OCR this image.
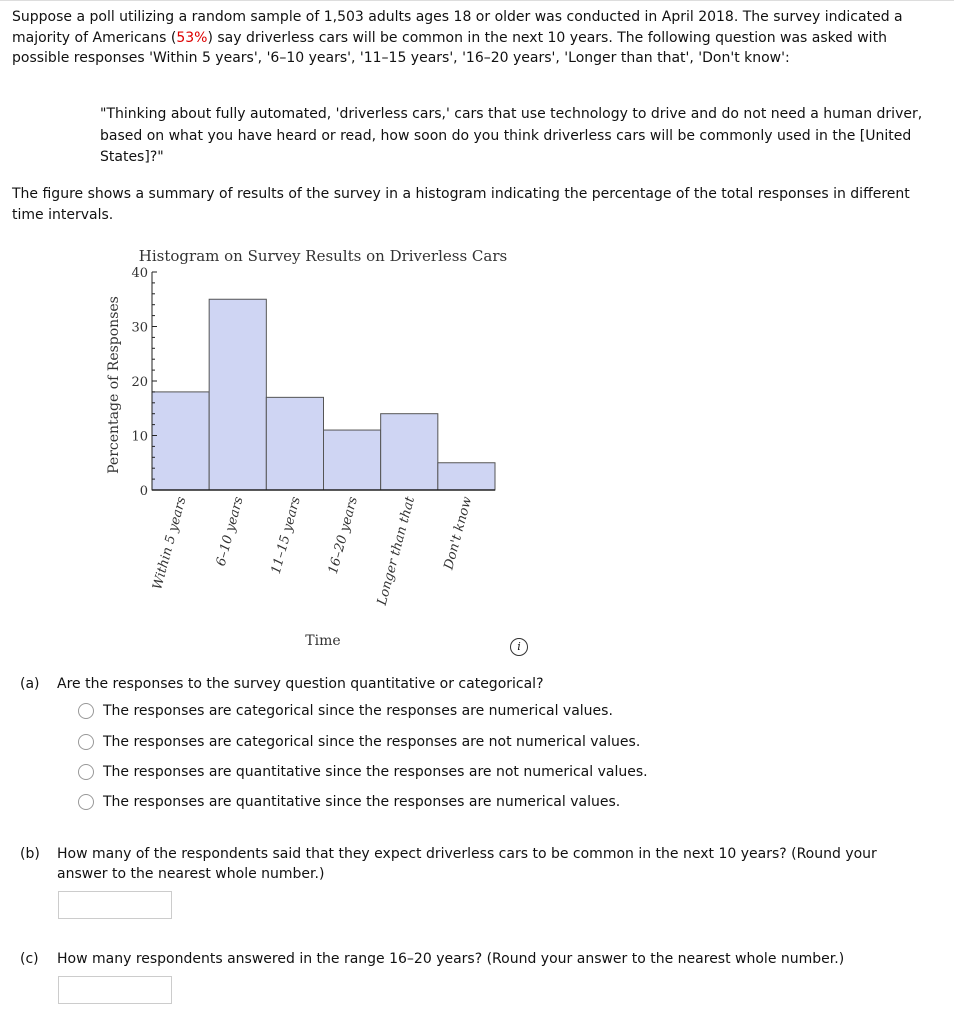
Suppose a poll utilizing a random sample of 1,503 adults ages 18 or older was conducted in April 2018. The survey indicated a majority of Americans (53%) say driverless cars will be common in the next 10 years. The following question was asked with possible responses 'Within 5 years', '6–10 years', '11–15 years', '16–20 years', 'Longer than that', 'Don't know':

"Thinking about fully automated, 'driverless cars,' cars that use technology to drive and do not need a human driver, based on what you have heard or read, how soon do you think driverless cars will be commonly used in the [United States]?"

The figure shows a summary of results of the survey in a histogram indicating the percentage of the total responses in different time intervals.

Histogram on Survey Results on Driverless Cars
Percentage of Responses
Time
Within 5 years 6–10 years 11–15 years 16–20 years Longer than that Don't know
0
10
20
30
40
i
(a) Are the responses to the survey question quantitative or categorical?
The responses are categorical since the responses are numerical values.
The responses are categorical since the responses are not numerical values.
The responses are quantitative since the responses are not numerical values.
The responses are quantitative since the responses are numerical values.
(b) How many of the respondents said that they expect driverless cars to be common in the next 10 years? (Round your answer to the nearest whole number.)
(c) How many respondents answered in the range 16–20 years? (Round your answer to the nearest whole number.)
